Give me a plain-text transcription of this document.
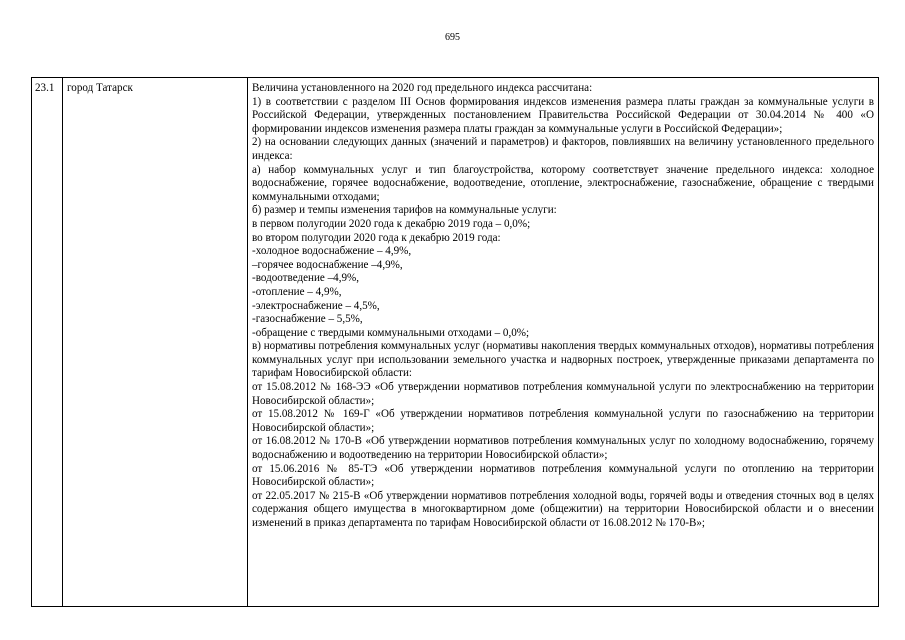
695
23.1	город Татарск	Величина установленного на 2020 год предельного индекса рассчитана:
1) в соответствии с разделом III Основ формирования индексов изменения размера платы граждан за коммунальные услуги в Российской Федерации, утвержденных постановлением Правительства Российской Федерации от 30.04.2014 № 400 «О формировании индексов изменения размера платы граждан за коммунальные услуги в Российской Федерации»;
2) на основании следующих данных (значений и параметров) и факторов, повлиявших на величину установленного предельного индекса:
а) набор коммунальных услуг и тип благоустройства, которому соответствует значение предельного индекса: холодное водоснабжение, горячее водоснабжение, водоотведение, отопление, электроснабжение, газоснабжение, обращение с твердыми коммунальными отходами;
б) размер и темпы изменения тарифов на коммунальные услуги:
в первом полугодии 2020 года к декабрю 2019 года – 0,0%;
во втором полугодии 2020 года к декабрю 2019 года:
-холодное водоснабжение – 4,9%,
–горячее водоснабжение –4,9%,
-водоотведение –4,9%,
-отопление – 4,9%,
-электроснабжение – 4,5%,
-газоснабжение – 5,5%,
-обращение с твердыми коммунальными отходами – 0,0%;
в) нормативы потребления коммунальных услуг (нормативы накопления твердых коммунальных отходов), нормативы потребления коммунальных услуг при использовании земельного участка и надворных построек, утвержденные приказами департамента по тарифам Новосибирской области:
от 15.08.2012 № 168-ЭЭ «Об утверждении нормативов потребления коммунальной услуги по электроснабжению на территории Новосибирской области»;
от 15.08.2012 № 169-Г «Об утверждении нормативов потребления коммунальной услуги по газоснабжению на территории Новосибирской области»;
от 16.08.2012 № 170-В «Об утверждении нормативов потребления коммунальных услуг по холодному водоснабжению, горячему водоснабжению и водоотведению на территории Новосибирской области»;
от 15.06.2016 № 85-ТЭ «Об утверждении нормативов потребления коммунальной услуги по отоплению на территории Новосибирской области»;
от 22.05.2017 № 215-В «Об утверждении нормативов потребления холодной воды, горячей воды и отведения сточных вод в целях содержания общего имущества в многоквартирном доме (общежитии) на территории Новосибирской области и о внесении изменений в приказ департамента по тарифам Новосибирской области от 16.08.2012 № 170-В»;
